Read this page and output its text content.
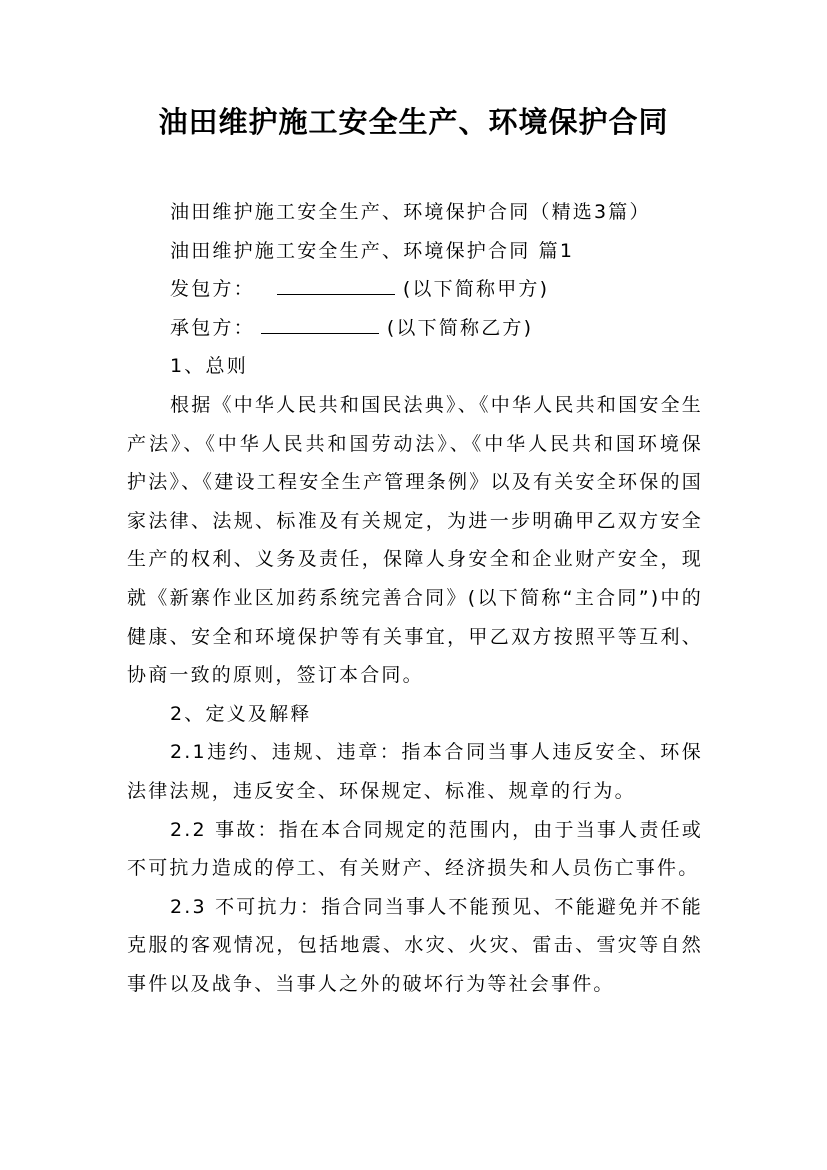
油田维护施工安全生产、环境保护合同

油田维护施工安全生产、环境保护合同（精选3篇）

油田维护施工安全生产、环境保护合同 篇1

发包方：	(以下简称甲方)

承包方：	(以下简称乙方)

1、总则

根据《中华人民共和国民法典》、《中华人民共和国安全生产法》、《中华人民共和国劳动法》、《中华人民共和国环境保护法》、《建设工程安全生产管理条例》以及有关安全环保的国家法律、法规、标准及有关规定，为进一步明确甲乙双方安全生产的权利、义务及责任，保障人身安全和企业财产安全，现就《新寨作业区加药系统完善合同》(以下简称“主合同”)中的健康、安全和环境保护等有关事宜，甲乙双方按照平等互利、协商一致的原则，签订本合同。

2、定义及解释

2.1违约、违规、违章：指本合同当事人违反安全、环保法律法规，违反安全、环保规定、标准、规章的行为。

2.2 事故：指在本合同规定的范围内，由于当事人责任或不可抗力造成的停工、有关财产、经济损失和人员伤亡事件。

2.3 不可抗力：指合同当事人不能预见、不能避免并不能克服的客观情况，包括地震、水灾、火灾、雷击、雪灾等自然事件以及战争、当事人之外的破坏行为等社会事件。
